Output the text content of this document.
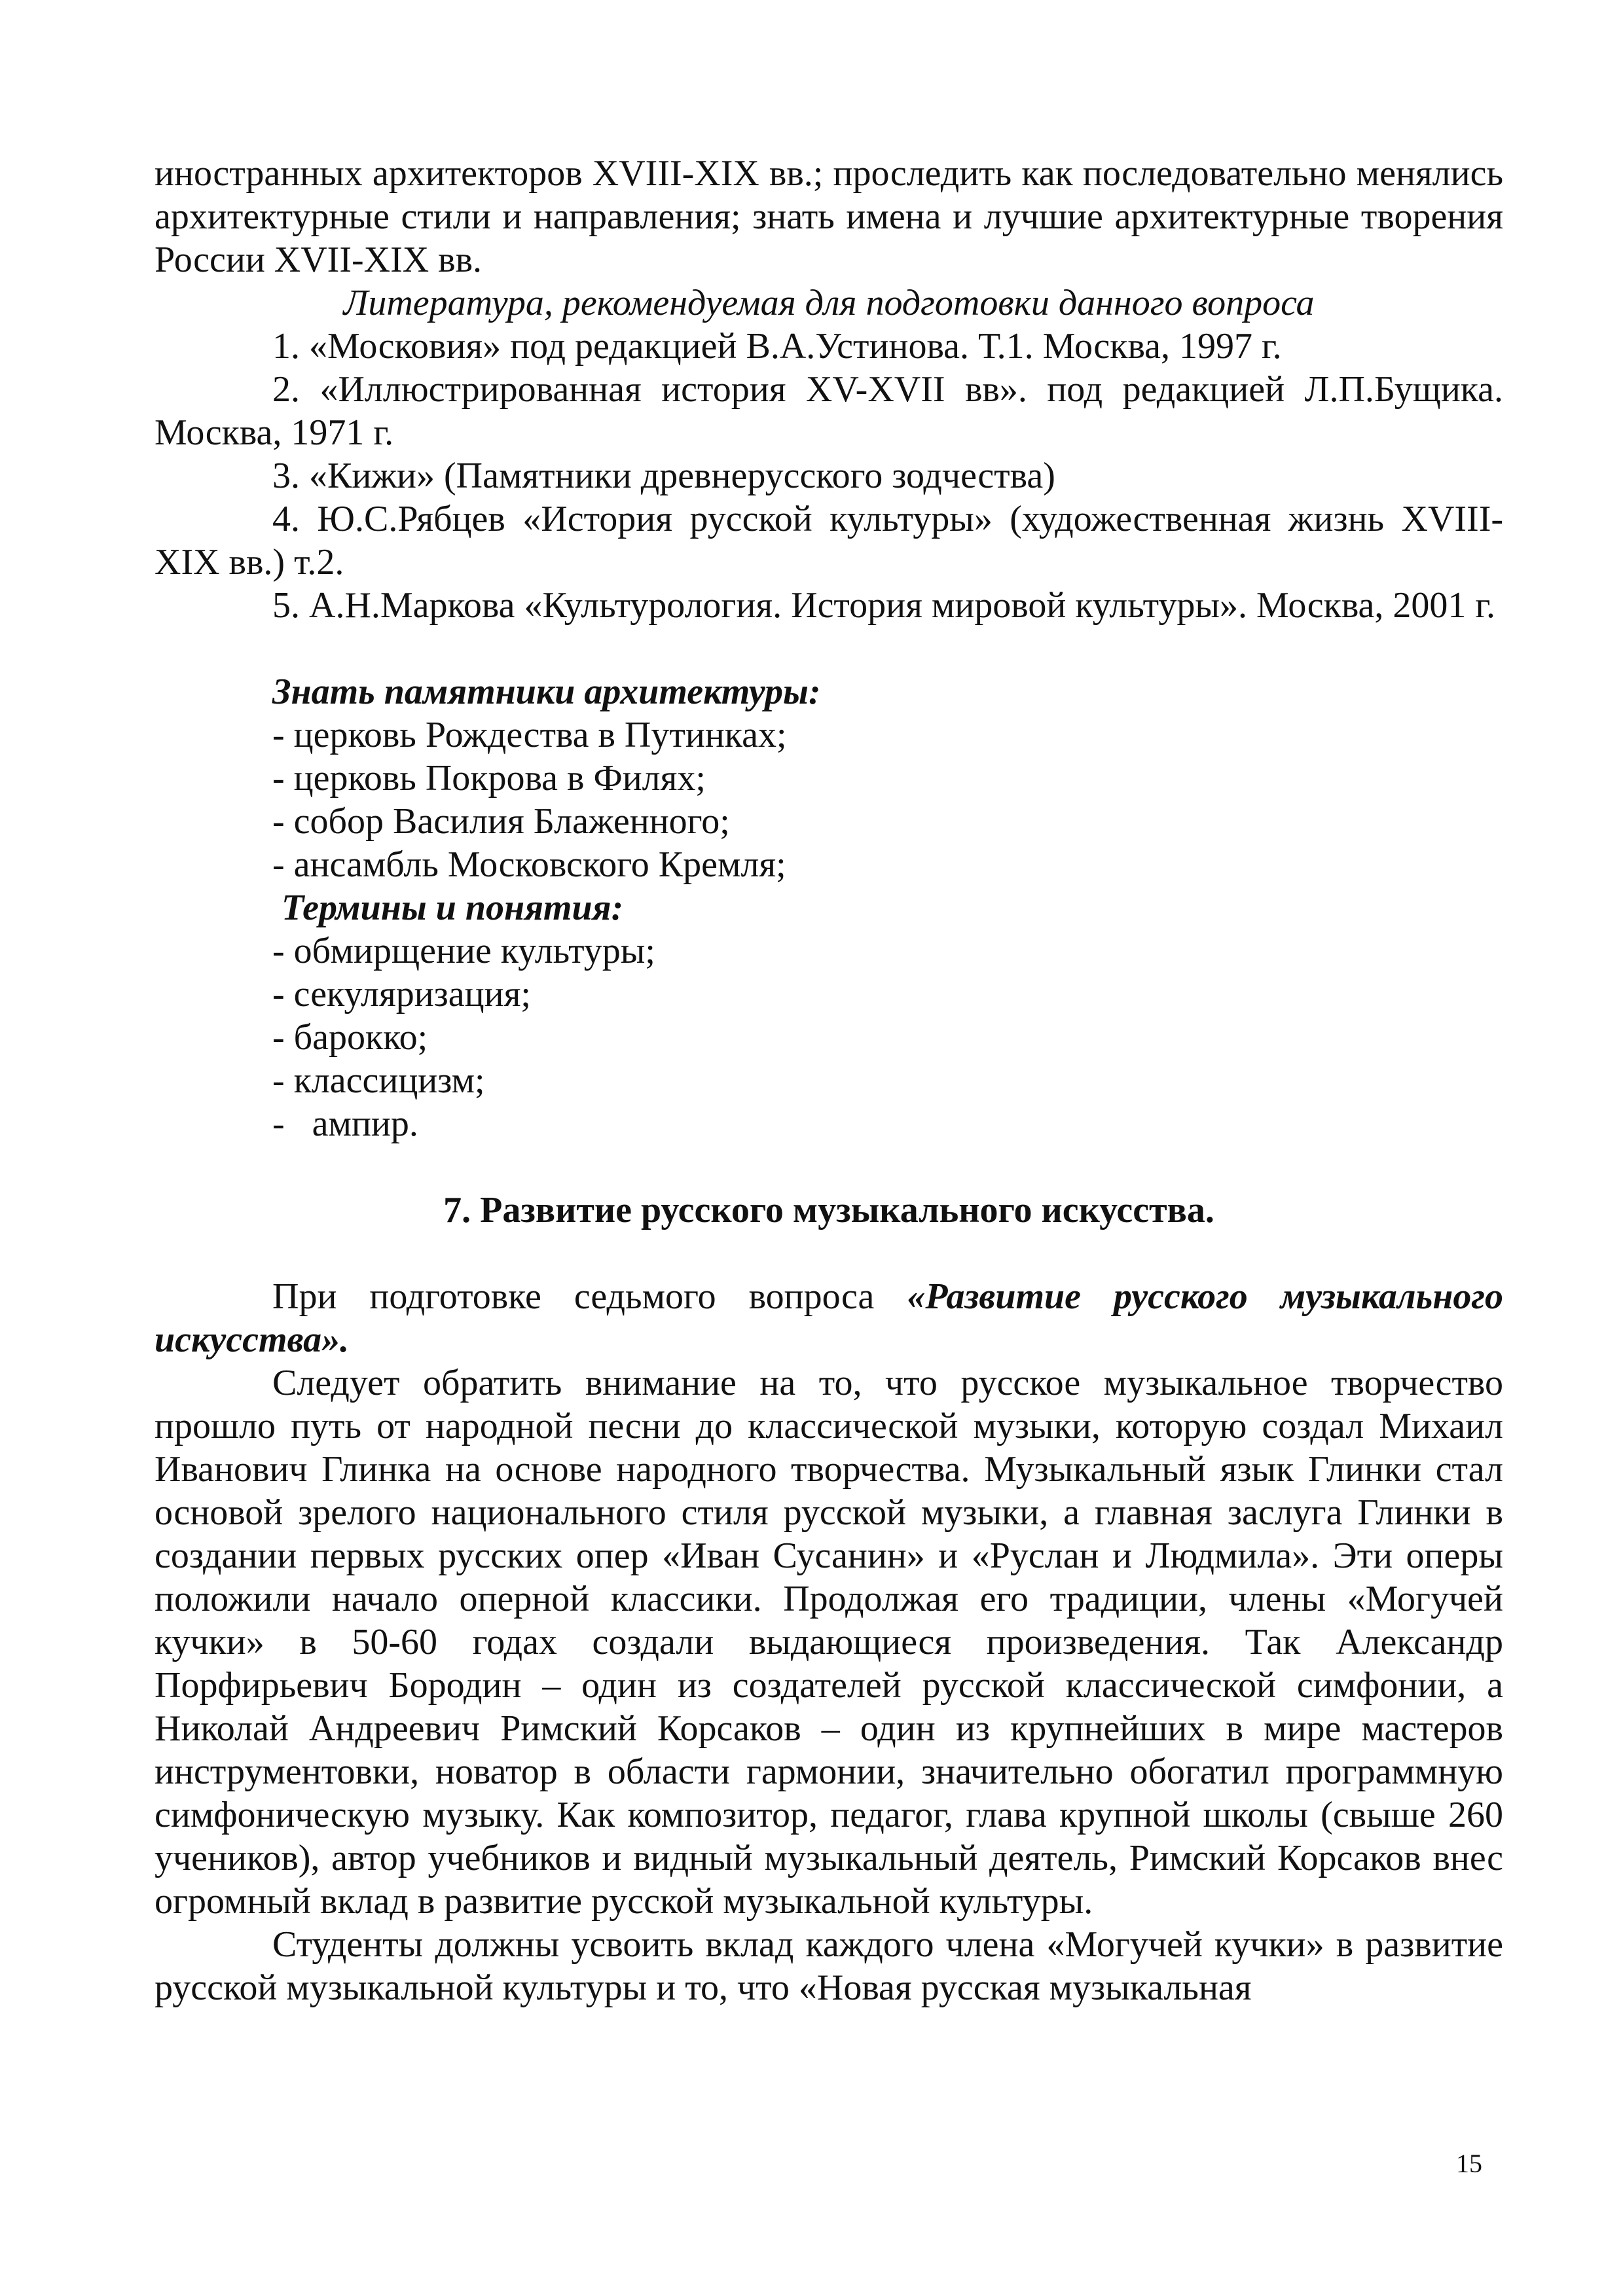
иностранных архитекторов XVIII-XIX вв.; проследить как последовательно менялись архитектурные стили и направления; знать имена и лучшие архитектурные творения России XVII-XIX вв.

Литература, рекомендуемая для подготовки данного вопроса

1. «Московия» под редакцией В.А.Устинова. Т.1. Москва, 1997 г.

2. «Иллюстрированная история XV-XVII вв». под редакцией Л.П.Бущика. Москва, 1971 г.

3. «Кижи» (Памятники древнерусского зодчества)

4. Ю.С.Рябцев «История русской культуры» (художественная жизнь XVIII-XIX вв.) т.2.

5. А.Н.Маркова «Культурология. История мировой культуры». Москва, 2001 г.

Знать памятники архитектуры:

- церковь Рождества в Путинках;

- церковь Покрова в Филях;

- собор Василия Блаженного;

- ансамбль Московского Кремля;

Термины и понятия:

- обмирщение культуры;

- секуляризация;

- барокко;

- классицизм;

-   ампир.

7. Развитие русского музыкального искусства.

При подготовке седьмого вопроса «Развитие русского музыкального искусства».

Следует обратить внимание на то, что русское музыкальное творчество прошло путь от народной песни до классической музыки, которую создал Михаил Иванович Глинка на основе народного творчества. Музыкальный язык Глинки стал основой зрелого национального стиля русской музыки, а главная заслуга Глинки в создании первых русских опер «Иван Сусанин» и «Руслан и Людмила». Эти оперы положили начало оперной классики. Продолжая его традиции, члены «Могучей кучки» в 50-60 годах создали выдающиеся произведения. Так Александр Порфирьевич Бородин – один из создателей русской классической симфонии, а Николай Андреевич Римский Корсаков – один из крупнейших в мире мастеров инструментовки, новатор в области гармонии, значительно обогатил программную симфоническую музыку. Как композитор, педагог, глава крупной школы (свыше 260 учеников), автор учебников и видный музыкальный деятель, Римский Корсаков внес огромный вклад в развитие русской музыкальной культуры.

Студенты должны усвоить вклад каждого члена «Могучей кучки» в развитие русской музыкальной культуры и то, что «Новая русская музыкальная

15
